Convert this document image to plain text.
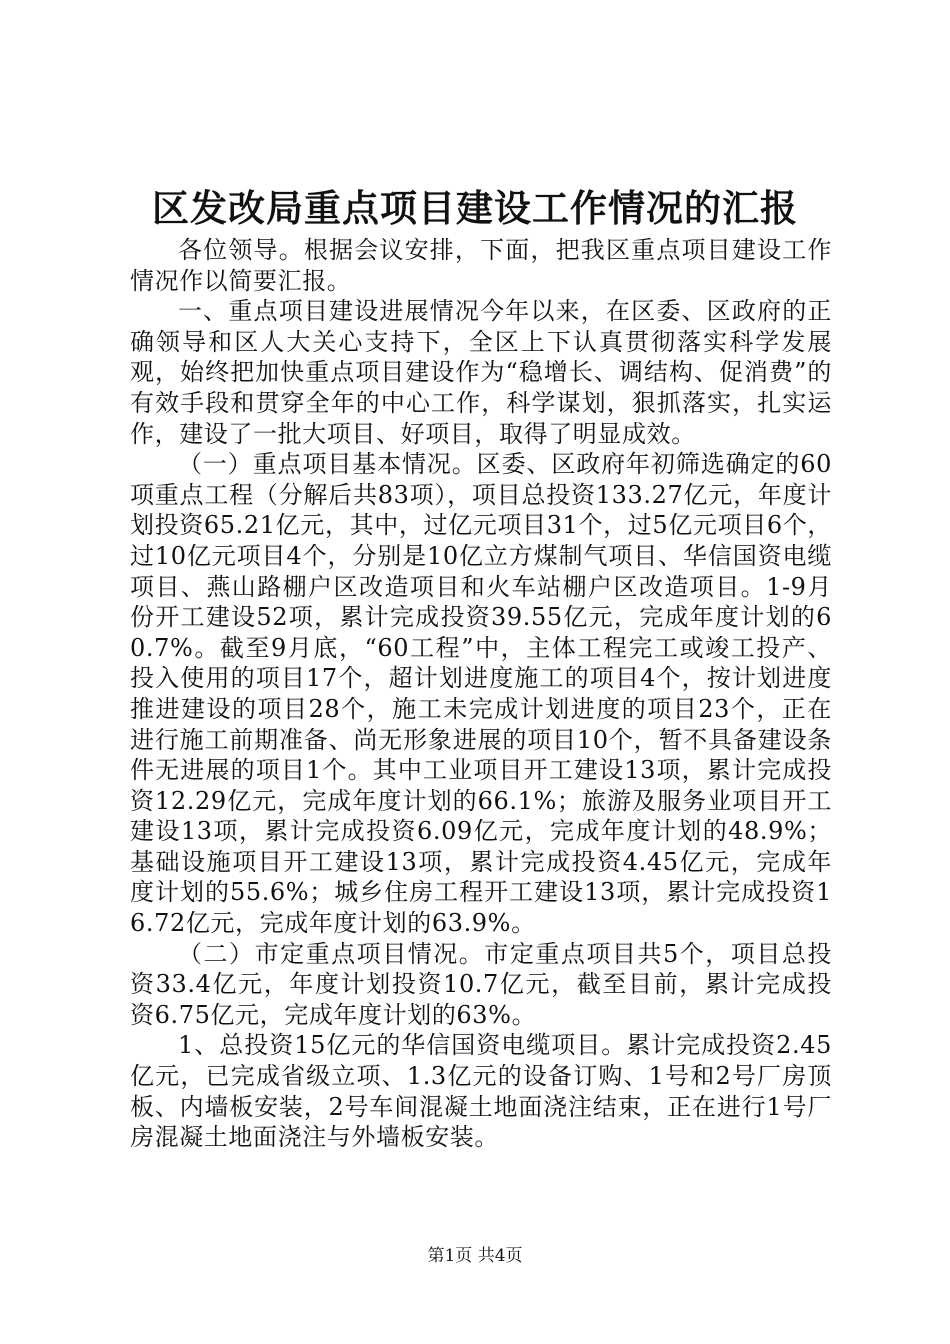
区发改局重点项目建设工作情况的汇报

各位领导。根据会议安排，下面，把我区重点项目建设工作情况作以简要汇报。

一、重点项目建设进展情况今年以来，在区委、区政府的正确领导和区人大关心支持下，全区上下认真贯彻落实科学发展观，始终把加快重点项目建设作为“稳增长、调结构、促消费”的有效手段和贯穿全年的中心工作，科学谋划，狠抓落实，扎实运作，建设了一批大项目、好项目，取得了明显成效。

（一）重点项目基本情况。区委、区政府年初筛选确定的60项重点工程（分解后共83项），项目总投资133.27亿元，年度计划投资65.21亿元，其中，过亿元项目31个，过5亿元项目6个，过10亿元项目4个，分别是10亿立方煤制气项目、华信国资电缆项目、燕山路棚户区改造项目和火车站棚户区改造项目。1-9月份开工建设52项，累计完成投资39.55亿元，完成年度计划的60.7%。截至9月底，“60工程”中，主体工程完工或竣工投产、投入使用的项目17个，超计划进度施工的项目4个，按计划进度推进建设的项目28个，施工未完成计划进度的项目23个，正在进行施工前期准备、尚无形象进展的项目10个，暂不具备建设条件无进展的项目1个。其中工业项目开工建设13项，累计完成投资12.29亿元，完成年度计划的66.1%；旅游及服务业项目开工建设13项，累计完成投资6.09亿元，完成年度计划的48.9%；基础设施项目开工建设13项，累计完成投资4.45亿元，完成年度计划的55.6%；城乡住房工程开工建设13项，累计完成投资16.72亿元，完成年度计划的63.9%。

（二）市定重点项目情况。市定重点项目共5个，项目总投资33.4亿元，年度计划投资10.7亿元，截至目前，累计完成投资6.75亿元，完成年度计划的63%。

1、总投资15亿元的华信国资电缆项目。累计完成投资2.45亿元，已完成省级立项、1.3亿元的设备订购、1号和2号厂房顶板、内墙板安装，2号车间混凝土地面浇注结束，正在进行1号厂房混凝土地面浇注与外墙板安装。

第1页 共4页
